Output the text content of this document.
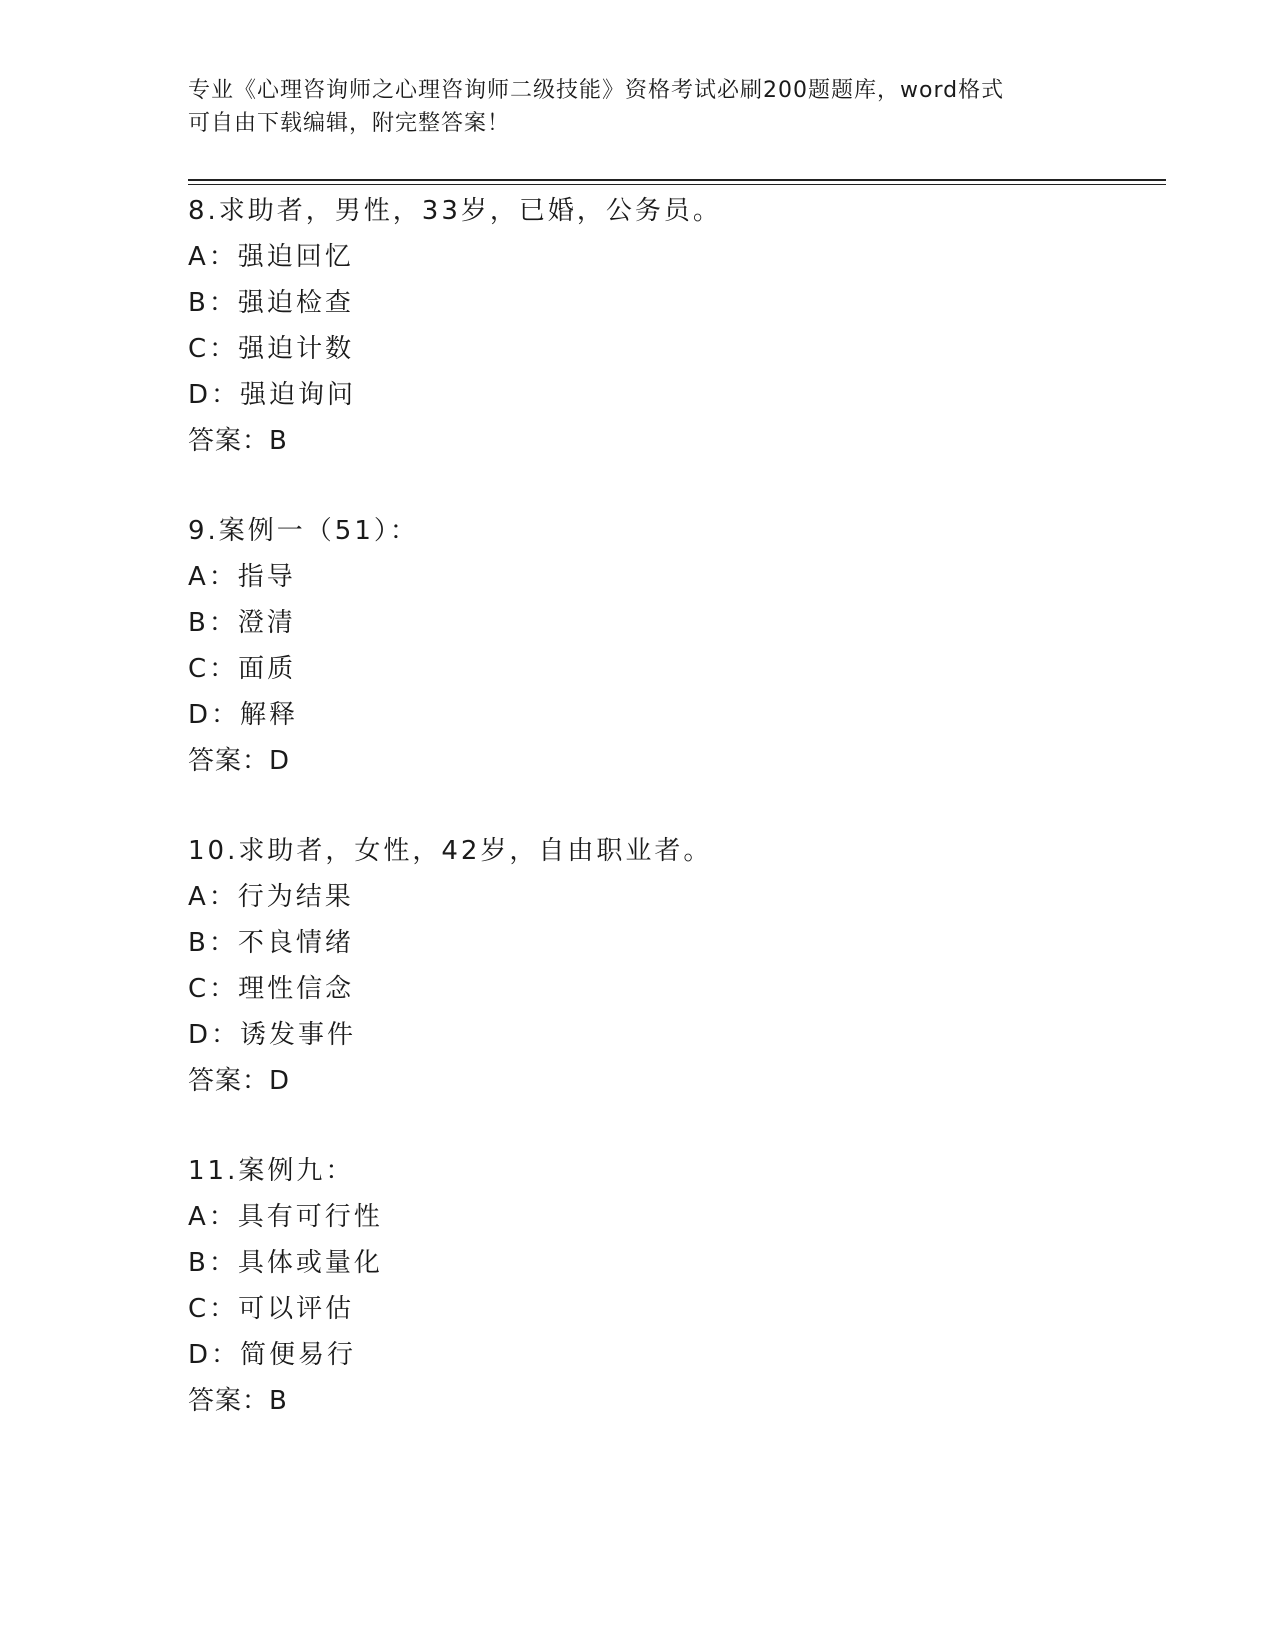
专业《心理咨询师之心理咨询师二级技能》资格考试必刷200题题库，word格式
可自由下载编辑，附完整答案！
8.求助者，男性，33岁，已婚，公务员。
A：强迫回忆
B：强迫检查
C：强迫计数
D：强迫询问
答案：B
9.案例一（51）：
A：指导
B：澄清
C：面质
D：解释
答案：D
10.求助者，女性，42岁，自由职业者。
A：行为结果
B：不良情绪
C：理性信念
D：诱发事件
答案：D
11.案例九：
A：具有可行性
B：具体或量化
C：可以评估
D：简便易行
答案：B
